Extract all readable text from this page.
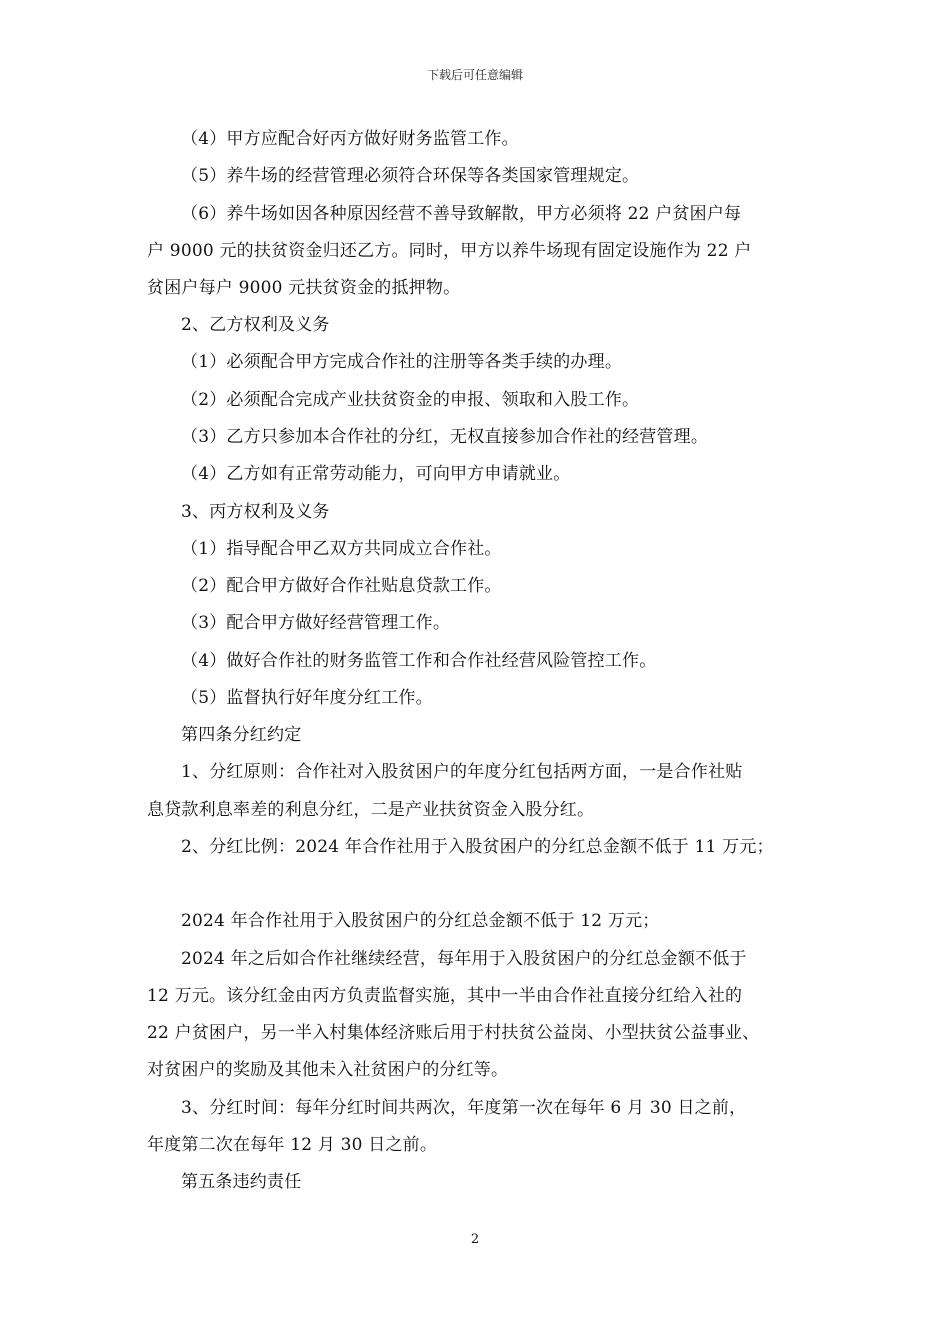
下载后可任意编辑
（4）甲方应配合好丙方做好财务监管工作。
（5）养牛场的经营管理必须符合环保等各类国家管理规定。
（6）养牛场如因各种原因经营不善导致解散，甲方必须将 22 户贫困户每
户 9000 元的扶贫资金归还乙方。同时，甲方以养牛场现有固定设施作为 22 户
贫困户每户 9000 元扶贫资金的抵押物。
2、乙方权利及义务
（1）必须配合甲方完成合作社的注册等各类手续的办理。
（2）必须配合完成产业扶贫资金的申报、领取和入股工作。
（3）乙方只参加本合作社的分红，无权直接参加合作社的经营管理。
（4）乙方如有正常劳动能力，可向甲方申请就业。
3、丙方权利及义务
（1）指导配合甲乙双方共同成立合作社。
（2）配合甲方做好合作社贴息贷款工作。
（3）配合甲方做好经营管理工作。
（4）做好合作社的财务监管工作和合作社经营风险管控工作。
（5）监督执行好年度分红工作。
第四条分红约定
1、分红原则：合作社对入股贫困户的年度分红包括两方面，一是合作社贴
息贷款利息率差的利息分红，二是产业扶贫资金入股分红。
2、分红比例：2024 年合作社用于入股贫困户的分红总金额不低于 11 万元；
2024 年合作社用于入股贫困户的分红总金额不低于 12 万元；
2024 年之后如合作社继续经营，每年用于入股贫困户的分红总金额不低于
12 万元。该分红金由丙方负责监督实施，其中一半由合作社直接分红给入社的
22 户贫困户，另一半入村集体经济账后用于村扶贫公益岗、小型扶贫公益事业、
对贫困户的奖励及其他未入社贫困户的分红等。
3、分红时间：每年分红时间共两次，年度第一次在每年 6 月 30 日之前，
年度第二次在每年 12 月 30 日之前。
第五条违约责任
2
